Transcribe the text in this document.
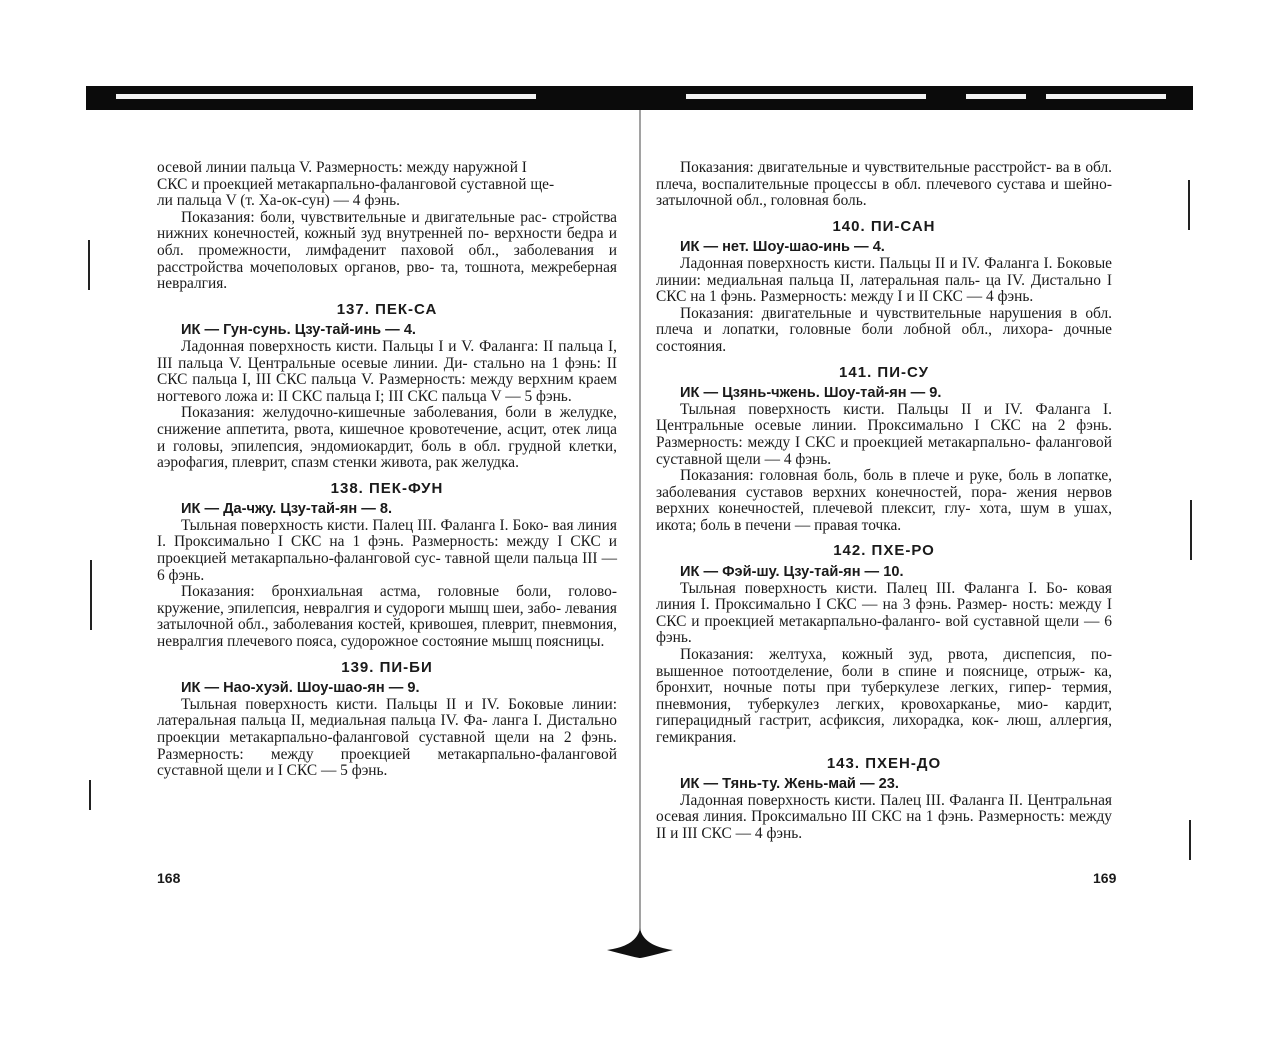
осевой линии пальца V. Размерность: между наружной I

СКС и проекцией метакарпально-фаланговой суставной ще-

ли пальца V (т. Ха-ок-сун) — 4 фэнь.

Показания: боли, чувствительные и двигательные рас- стройства нижних конечностей, кожный зуд внутренней по- верхности бедра и обл. промежности, лимфаденит паховой обл., заболевания и расстройства мочеполовых органов, рво- та, тошнота, межреберная невралгия.

137. ПЕК-СА

ИК — Гун-сунь. Цзу-тай-инь — 4.

Ладонная поверхность кисти. Пальцы I и V. Фаланга: II пальца I, III пальца V. Центральные осевые линии. Ди- стально на 1 фэнь: II СКС пальца I, III СКС пальца V. Размерность: между верхним краем ногтевого ложа и: II СКС пальца I; III СКС пальца V — 5 фэнь.

Показания: желудочно-кишечные заболевания, боли в желудке, снижение аппетита, рвота, кишечное кровотечение, асцит, отек лица и головы, эпилепсия, эндомиокардит, боль в обл. грудной клетки, аэрофагия, плеврит, спазм стенки живота, рак желудка.

138. ПЕК-ФУН

ИК — Да-чжу. Цзу-тай-ян — 8.

Тыльная поверхность кисти. Палец III. Фаланга I. Боко- вая линия I. Проксимально I СКС на 1 фэнь. Размерность: между I СКС и проекцией метакарпально-фаланговой сус- тавной щели пальца III — 6 фэнь.

Показания: бронхиальная астма, головные боли, голово- кружение, эпилепсия, невралгия и судороги мышц шеи, забо- левания затылочной обл., заболевания костей, кривошея, плеврит, пневмония, невралгия плечевого пояса, судорожное состояние мышц поясницы.

139. ПИ-БИ

ИК — Нао-хуэй. Шоу-шао-ян — 9.

Тыльная поверхность кисти. Пальцы II и IV. Боковые линии: латеральная пальца II, медиальная пальца IV. Фа- ланга I. Дистально проекции метакарпально-фаланговой суставной щели на 2 фэнь. Размерность: между проекцией метакарпально-фаланговой суставной щели и I СКС — 5 фэнь.

168

Показания: двигательные и чувствительные расстройст- ва в обл. плеча, воспалительные процессы в обл. плечевого сустава и шейно-затылочной обл., головная боль.

140. ПИ-САН

ИК — нет. Шоу-шао-инь — 4.

Ладонная поверхность кисти. Пальцы II и IV. Фаланга I. Боковые линии: медиальная пальца II, латеральная паль- ца IV. Дистально I СКС на 1 фэнь. Размерность: между I и II СКС — 4 фэнь.

Показания: двигательные и чувствительные нарушения в обл. плеча и лопатки, головные боли лобной обл., лихора- дочные состояния.

141. ПИ-СУ

ИК — Цзянь-чжень. Шоу-тай-ян — 9.

Тыльная поверхность кисти. Пальцы II и IV. Фаланга I. Центральные осевые линии. Проксимально I СКС на 2 фэнь. Размерность: между I СКС и проекцией метакарпально- фаланговой суставной щели — 4 фэнь.

Показания: головная боль, боль в плече и руке, боль в лопатке, заболевания суставов верхних конечностей, пора- жения нервов верхних конечностей, плечевой плексит, глу- хота, шум в ушах, икота; боль в печени — правая точка.

142. ПХЕ-РО

ИК — Фэй-шу. Цзу-тай-ян — 10.

Тыльная поверхность кисти. Палец III. Фаланга I. Бо- ковая линия I. Проксимально I СКС — на 3 фэнь. Размер- ность: между I СКС и проекцией метакарпально-фаланго- вой суставной щели — 6 фэнь.

Показания: желтуха, кожный зуд, рвота, диспепсия, по- вышенное потоотделение, боли в спине и пояснице, отрыж- ка, бронхит, ночные поты при туберкулезе легких, гипер- термия, пневмония, туберкулез легких, кровохарканье, мио- кардит, гиперацидный гастрит, асфиксия, лихорадка, кок- люш, аллергия, гемикрания.

143. ПХЕН-ДО

ИК — Тянь-ту. Жень-май — 23.

Ладонная поверхность кисти. Палец III. Фаланга II. Центральная осевая линия. Проксимально III СКС на 1 фэнь. Размерность: между II и III СКС — 4 фэнь.

169
